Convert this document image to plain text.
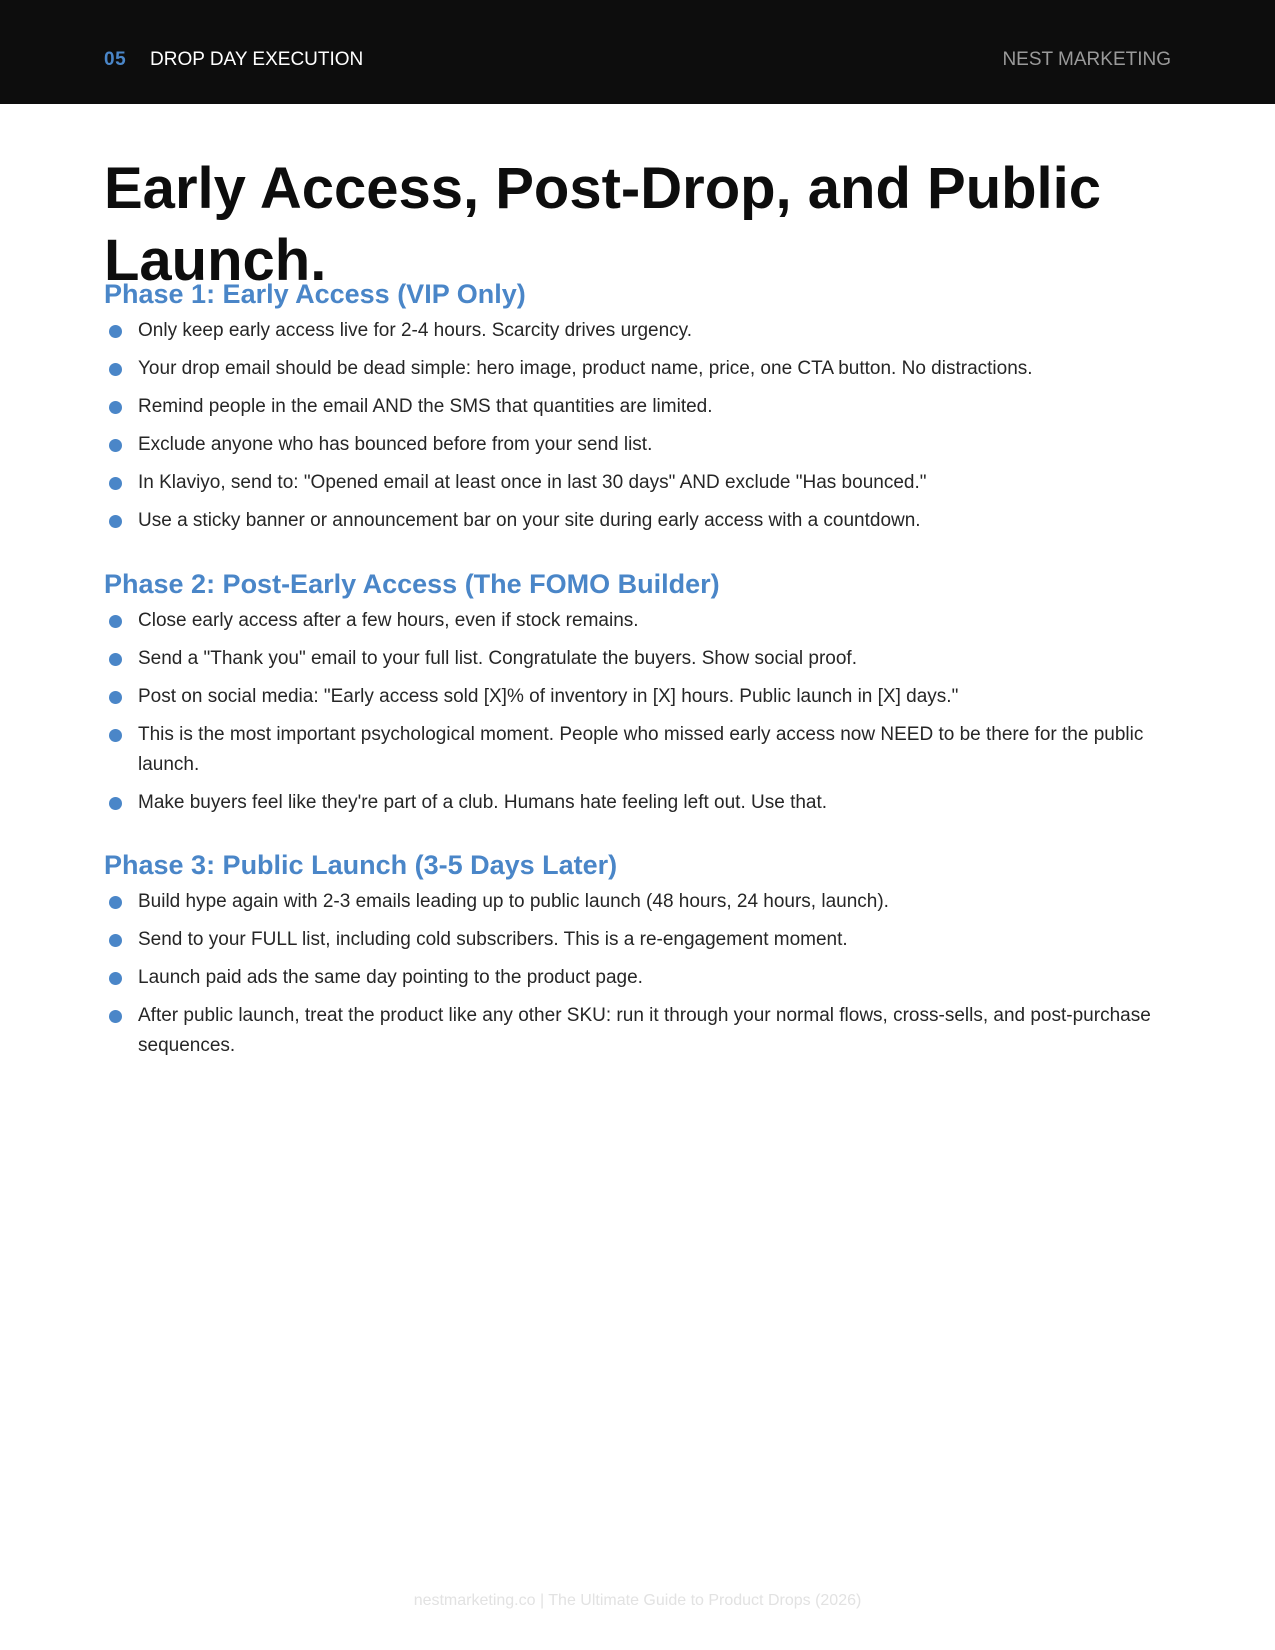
05 DROP DAY EXECUTION	NEST MARKETING
Early Access, Post-Drop, and Public Launch.
Phase 1: Early Access (VIP Only)
Only keep early access live for 2-4 hours. Scarcity drives urgency.
Your drop email should be dead simple: hero image, product name, price, one CTA button. No distractions.
Remind people in the email AND the SMS that quantities are limited.
Exclude anyone who has bounced before from your send list.
In Klaviyo, send to: "Opened email at least once in last 30 days" AND exclude "Has bounced."
Use a sticky banner or announcement bar on your site during early access with a countdown.
Phase 2: Post-Early Access (The FOMO Builder)
Close early access after a few hours, even if stock remains.
Send a "Thank you" email to your full list. Congratulate the buyers. Show social proof.
Post on social media: "Early access sold [X]% of inventory in [X] hours. Public launch in [X] days."
This is the most important psychological moment. People who missed early access now NEED to be there for the public launch.
Make buyers feel like they're part of a club. Humans hate feeling left out. Use that.
Phase 3: Public Launch (3-5 Days Later)
Build hype again with 2-3 emails leading up to public launch (48 hours, 24 hours, launch).
Send to your FULL list, including cold subscribers. This is a re-engagement moment.
Launch paid ads the same day pointing to the product page.
After public launch, treat the product like any other SKU: run it through your normal flows, cross-sells, and post-purchase sequences.
nestmarketing.co | The Ultimate Guide to Product Drops (2026)
